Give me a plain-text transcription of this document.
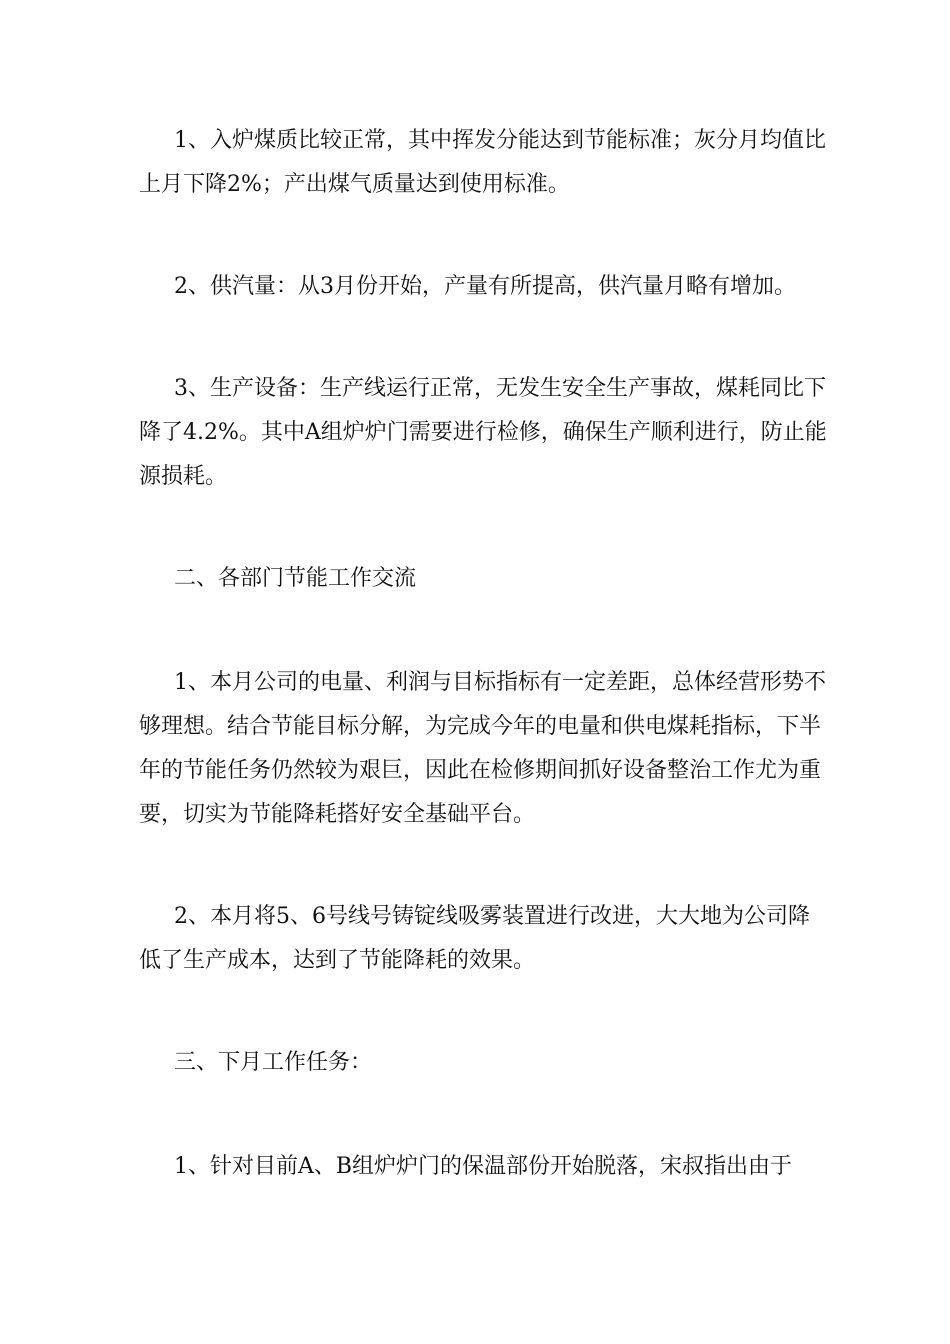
1、入炉煤质比较正常，其中挥发分能达到节能标准；灰分月均值比上月下降2%；产出煤气质量达到使用标准。

2、供汽量：从3月份开始，产量有所提高，供汽量月略有增加。

3、生产设备：生产线运行正常，无发生安全生产事故，煤耗同比下降了4.2%。其中A组炉炉门需要进行检修，确保生产顺利进行，防止能源损耗。

二、各部门节能工作交流

1、本月公司的电量、利润与目标指标有一定差距，总体经营形势不够理想。结合节能目标分解，为完成今年的电量和供电煤耗指标，下半年的节能任务仍然较为艰巨，因此在检修期间抓好设备整治工作尤为重要，切实为节能降耗搭好安全基础平台。

2、本月将5、6号线号铸锭线吸雾装置进行改进，大大地为公司降低了生产成本，达到了节能降耗的效果。

三、下月工作任务：

1、针对目前A、B组炉炉门的保温部份开始脱落，宋叔指出由于
